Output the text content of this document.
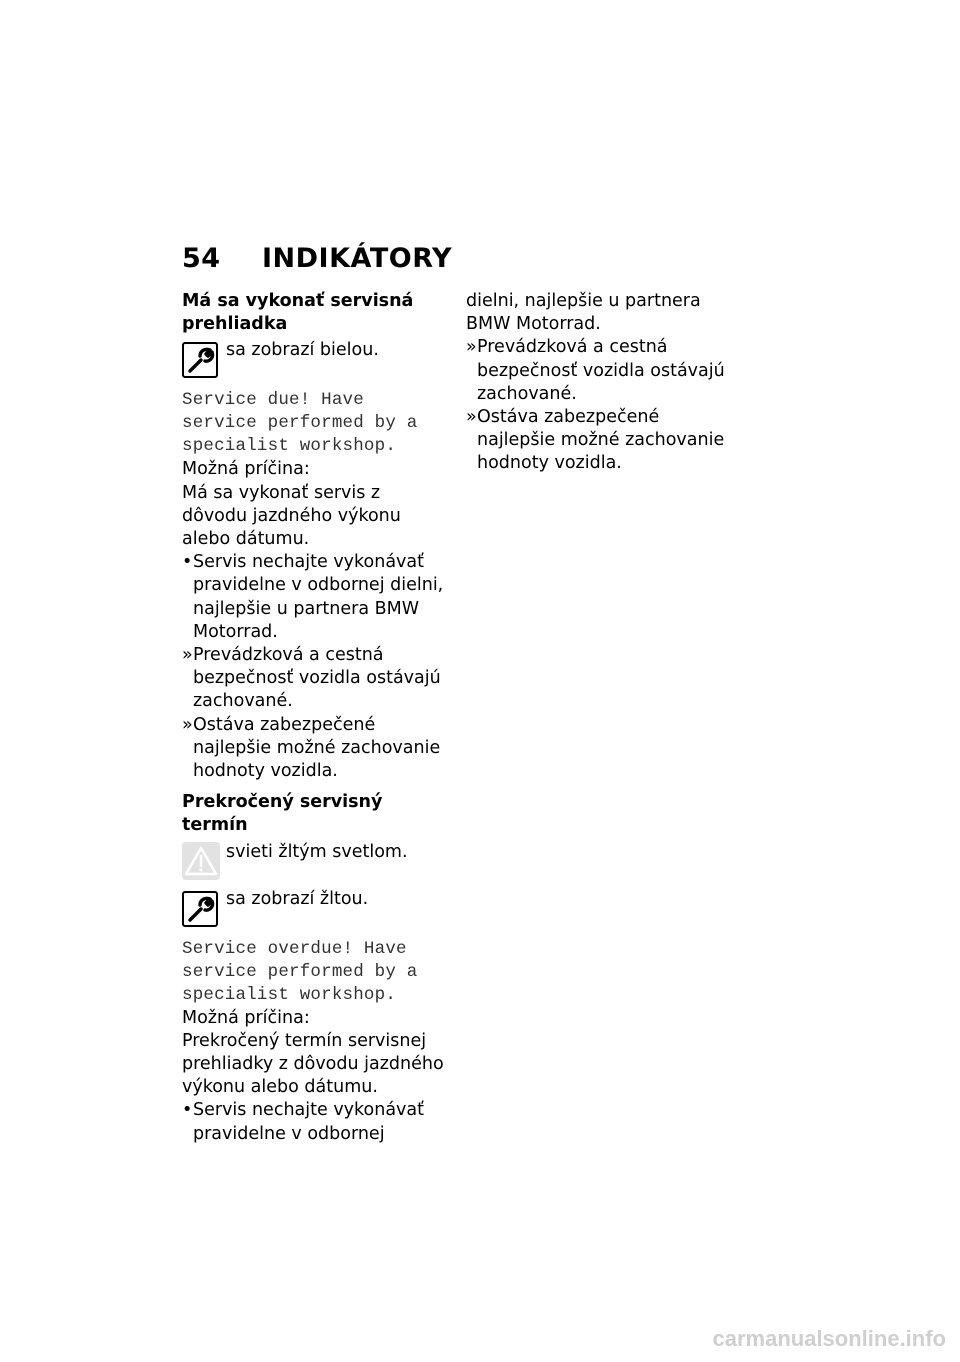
54 INDIKÁTORY

Má sa vykonať servisná prehliadka

sa zobrazí bielou.
Service due! Have
service performed by a
specialist workshop.

Možná príčina:

Má sa vykonať servis z dôvodu jazdného výkonu alebo dátumu.

• Servis nechajte vykonávať pravidelne v odbornej dielni, najlepšie u partnera BMW Motorrad.
» Prevádzková a cestná bezpečnosť vozidla ostávajú zachované.
» Ostáva zabezpečené najlepšie možné zachovanie hodnoty vozidla.

Prekročený servisný termín

svieti žltým svetlom.
sa zobrazí žltou.
Service overdue! Have
service performed by a
specialist workshop.

Možná príčina:

Prekročený termín servisnej prehliadky z dôvodu jazdného výkonu alebo dátumu.

• Servis nechajte vykonávať pravidelne v odbornej

dielni, najlepšie u partnera BMW Motorrad.

» Prevádzková a cestná bezpečnosť vozidla ostávajú zachované.
» Ostáva zabezpečené najlepšie možné zachovanie hodnoty vozidla.
carmanualsonline.info
